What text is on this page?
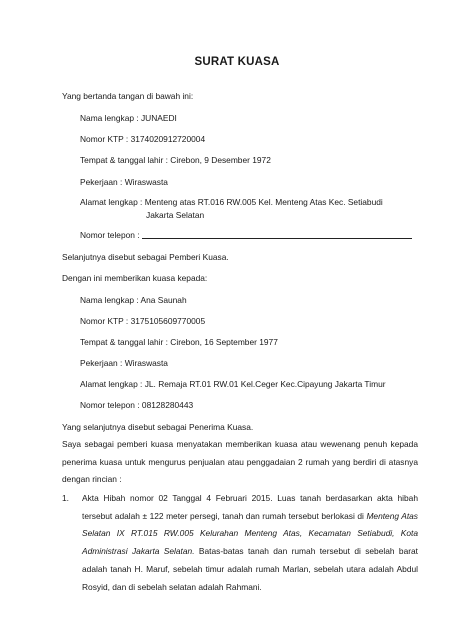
SURAT KUASA
Yang bertanda tangan di bawah ini:
Nama lengkap : JUNAEDI
Nomor KTP : 3174020912720004
Tempat & tanggal lahir : Cirebon, 9 Desember 1972
Pekerjaan : Wiraswasta
Alamat lengkap : Menteng atas RT.016 RW.005 Kel. Menteng Atas Kec. Setiabudi
Jakarta Selatan
Nomor telepon :
Selanjutnya disebut sebagai Pemberi Kuasa.
Dengan ini memberikan kuasa kepada:
Nama lengkap : Ana Saunah
Nomor KTP : 3175105609770005
Tempat & tanggal lahir : Cirebon, 16 September 1977
Pekerjaan : Wiraswasta
Alamat lengkap : JL. Remaja RT.01 RW.01 Kel.Ceger Kec.Cipayung Jakarta Timur
Nomor telepon : 08128280443
Yang selanjutnya disebut sebagai Penerima Kuasa.
Saya sebagai pemberi kuasa menyatakan memberikan kuasa atau wewenang penuh kepada penerima kuasa untuk mengurus penjualan atau penggadaian 2 rumah yang berdiri di atasnya dengan rincian :
1.	Akta Hibah nomor 02 Tanggal 4 Februari 2015. Luas tanah berdasarkan akta hibah tersebut adalah ± 122 meter persegi, tanah dan rumah tersebut berlokasi di Menteng Atas Selatan IX RT.015 RW.005 Kelurahan Menteng Atas, Kecamatan Setiabudi, Kota Administrasi Jakarta Selatan. Batas-batas tanah dan rumah tersebut di sebelah barat adalah tanah H. Maruf, sebelah timur adalah rumah Marlan, sebelah utara adalah Abdul Rosyid, dan di sebelah selatan adalah Rahmani.
